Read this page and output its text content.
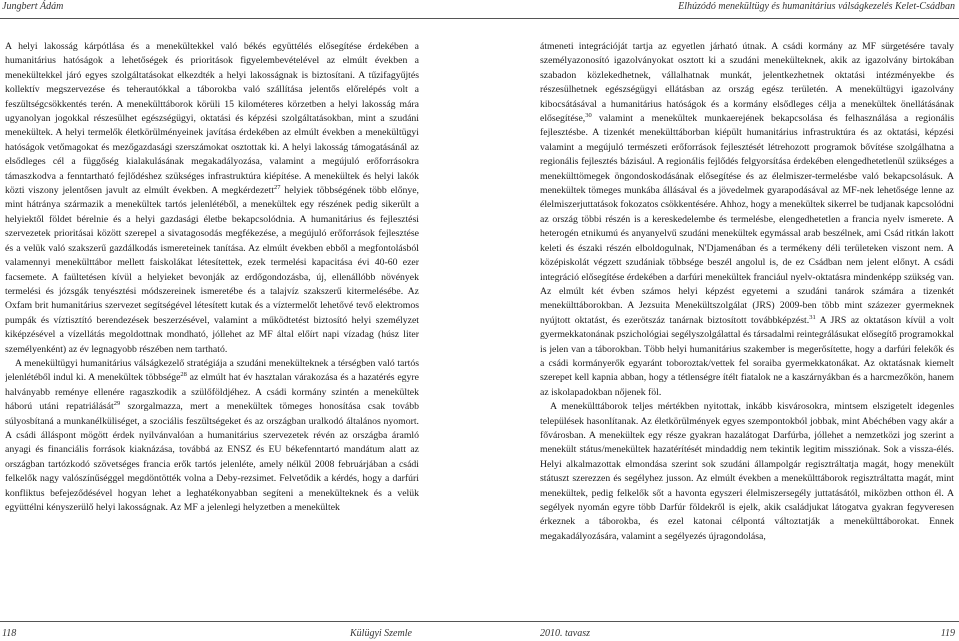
Jungbert Ádám	Elhúzódó menekültügy és humanitárius válságkezelés Kelet-Csádban

A helyi lakosság kárpótlása és a menekültekkel való békés együttélés elősegítése érdekében a humanitárius hatóságok a lehetőségek és prioritások figyelembevételével az elmúlt években a menekültekkel járó egyes szolgáltatásokat elkezdték a helyi lakosságnak is biztosítani. A tűzifagyűjtés kollektív megszervezése és teherautókkal a táborokba való szállítása jelentős előrelépés volt a feszültségcsökkentés terén. A menekülttáborok körüli 15 kilométeres körzetben a helyi lakosság mára ugyanolyan jogokkal részesülhet egészségügyi, oktatási és képzési szolgáltatásokban, mint a szudáni menekültek. A helyi termelők életkörülményeinek javítása érdekében az elmúlt években a menekültügyi hatóságok vetőmagokat és mezőgazdasági szerszámokat osztottak ki. A helyi lakosság támogatásánál az elsődleges cél a függőség kialakulásának megakadályozása, valamint a megújuló erőforrásokra támaszkodva a fenntartható fejlődéshez szükséges infrastruktúra kiépítése. A menekültek és helyi lakók közti viszony jelentősen javult az elmúlt években. A megkérdezett$^{27}$ helyiek többségének több előnye, mint hátránya származik a menekültek tartós jelenlétéből, a menekültek egy részének pedig sikerült a helyiektől földet bérelnie és a helyi gazdasági életbe bekapcsolódnia. A humanitárius és fejlesztési szervezetek prioritásai között szerepel a sivatagosodás megfékezése, a megújuló erőforrások fejlesztése és a velük való szakszerű gazdálkodás ismereteinek tanítása. Az elmúlt években ebből a megfontolásból valamennyi menekülttábor mellett faiskolákat létesítettek, ezek termelési kapacitása évi 40-60 ezer facsemete. A faültetésen kívül a helyieket bevonják az erdőgondozásba, új, ellenállóbb növények termelési és józsgák tenyésztési módszereinek ismeretébe és a talajvíz szakszerű kitermelésébe. Az Oxfam brit humanitárius szervezet segítségével létesített kutak és a víztermelőt lehetővé tevő elektromos pumpák és víztisztító berendezések beszerzésével, valamint a működtetést biztosító helyi személyzet kiképzésével a vízellátás megoldottnak mondható, jóllehet az MF által előírt napi vízadag (húsz liter személyenként) az év legnagyobb részében nem tartható.

A menekültügyi humanitárius válságkezelő stratégiája a szudáni menekülteknek a térségben való tartós jelenlétéből indul ki. A menekültek többsége$^{28}$ az elmúlt hat év hasztalan várakozása és a hazatérés egyre halványabb reménye ellenére ragaszkodik a szülőföldjéhez. A csádi kormány szintén a menekültek háború utáni repatriálását$^{29}$ szorgalmazza, mert a menekültek tömeges honosítása csak tovább súlyosbítaná a munkanélküliséget, a szociális feszültségeket és az országban uralkodó általános nyomort. A csádi álláspont mögött érdek nyilvánvalóan a humanitárius szervezetek révén az országba áramló anyagi és financiális források kiaknázása, továbbá az ENSZ és EU békefenntartó mandátum alatt az országban tartózkodó szövetséges francia erők tartós jelenléte, amely nélkül 2008 februárjában a csádi felkelők nagy valószínűséggel megdöntötték volna a Deby-rezsimet. Felvetődik a kérdés, hogy a darfúri konfliktus befejeződésével hogyan lehet a leghatékonyabban segíteni a menekülteknek és a velük együttélni kényszerülő helyi lakosságnak. Az MF a jelenlegi helyzetben a menekültek

átmeneti integrációját tartja az egyetlen járható útnak. A csádi kormány az MF sürgetésére tavaly személyazonosító igazolványokat osztott ki a szudáni menekülteknek, akik az igazolvány birtokában szabadon közlekedhetnek, vállalhatnak munkát, jelentkezhetnek oktatási intézményekbe és részesülhetnek egészségügyi ellátásban az ország egész területén. A menekültügyi igazolvány kibocsátásával a humanitárius hatóságok és a kormány elsődleges célja a menekültek önellátásának elősegítése,$^{30}$ valamint a menekültek munkaerejének bekapcsolása és felhasználása a regionális fejlesztésbe. A tizenkét menekülttáborban kiépült humanitárius infrastruktúra és az oktatási, képzési valamint a megújuló természeti erőforrások fejlesztését létrehozott programok bővítése szolgálhatna a regionális fejlesztés bázisául. A regionális fejlődés felgyorsítása érdekében elengedhetetlenül szükséges a menekülttömegek öngondoskodásának elősegítése és az élelmiszer-termelésbe való bekapcsolásuk. A menekültek tömeges munkába állásával és a jövedelmek gyarapodásával az MF-nek lehetősége lenne az élelmiszerjuttatások fokozatos csökkentésére. Ahhoz, hogy a menekültek sikerrel be tudjanak kapcsolódni az ország többi részén is a kereskedelembe és termelésbe, elengedhetetlen a francia nyelv ismerete. A heterogén etnikumú és anyanyelvű szudáni menekültek egymással arab beszélnek, ami Csád ritkán lakott keleti és északi részén elboldogulnak, N'Djamenában és a termékeny déli területeken viszont nem. A középiskolát végzett szudániak többsége beszél angolul is, de ez Csádban nem jelent előnyt. A csádi integráció elősegítése érdekében a darfúri menekültek franciául nyelv-oktatásra mindenképp szükség van. Az elmúlt két évben számos helyi képzést egyetemi a szudáni tanárok számára a tizenkét menekülttáborokban. A Jezsuita Menekültszolgálat (JRS) 2009-ben több mint százezer gyermeknek nyújtott oktatást, és ezerötszáz tanárnak biztosított továbbképzést.$^{31}$ A JRS az oktatáson kívül a volt gyermekkatonának pszichológiai segélyszolgálattal és társadalmi reintegrálásukat elősegítő programokkal is jelen van a táborokban. Több helyi humanitárius szakember is megerősítette, hogy a darfúri felekők és a csádi kormányerők egyaránt toboroztak/vettek fel soraiba gyermekkatonákat. Az oktatásnak kiemelt szerepet kell kapnia abban, hogy a tétlenségre ítélt fiatalok ne a kaszárnyákban és a harcmezőkön, hanem az iskolapadokban nőjenek föl.

A menekülttáborok teljes mértékben nyitottak, inkább kisvárosokra, mintsem elszigetelt idegenles települések hasonlítanak. Az életkörülmények egyes szempontokból jobbak, mint Abéchében vagy akár a fővárosban. A menekültek egy része gyakran hazalátogat Darfúrba, jóllehet a nemzetközi jog szerint a menekült státus/menekültek hazatérítését mindaddig nem tekintik legitim missziónak. Sok a vissza-élés. Helyi alkalmazottak elmondása szerint sok szudáni állampolgár regisztráltatja magát, hogy menekült státuszt szerezzen és segélyhez jusson. Az elmúlt években a menekülttáborok regisztráltatta magát, mint menekültek, pedig felkelők sőt a havonta egyszeri élelmiszersegély juttatásától, miközben otthon él. A segélyek nyomán egyre több Darfúr földekről is ejelk, akik családjukat látogatva gyakran fegyveresen érkeznek a táborokba, és ezel katonai célpontá változtatják a menekülttáborokat. Ennek megakadályozására, valamint a segélyezés újragondolása,

118	Külügyi Szemle	2010. tavasz	119
